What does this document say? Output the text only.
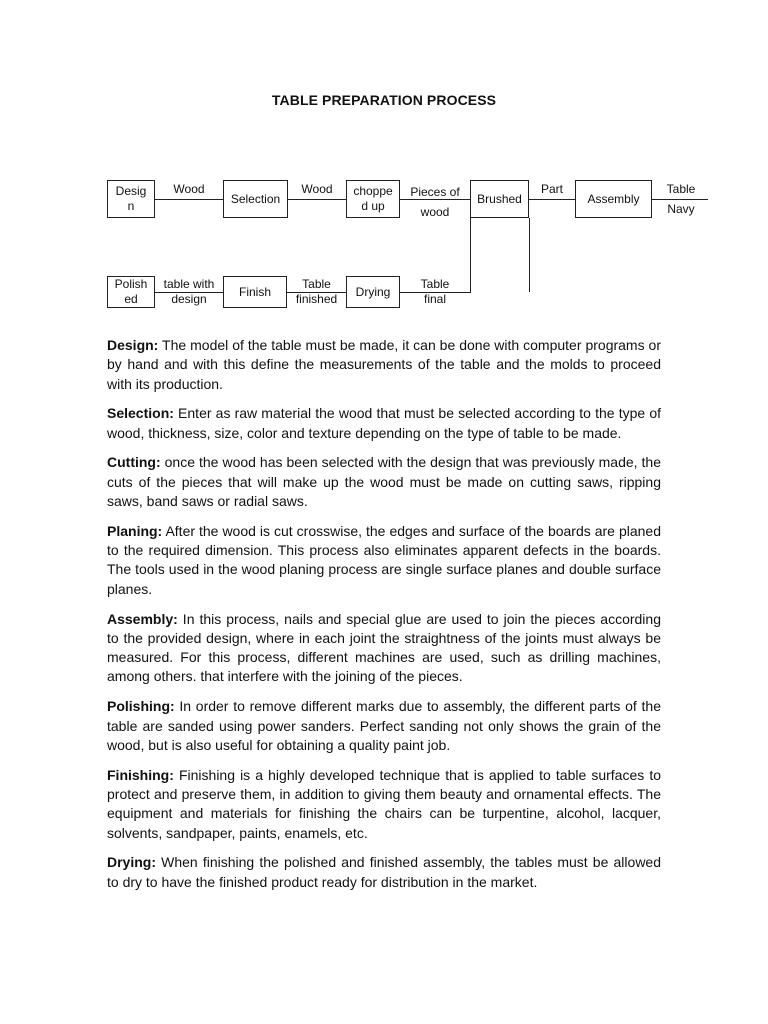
TABLE PREPARATION PROCESS
Desig
n
Selection
choppe
d up
Brushed	Assembly
Wood	Wood	Pieces of
wood
Part	Table
Navy
Polish
ed
Finish	Drying
table with
design
Table
finished
Table
final

Design: The model of the table must be made, it can be done with computer programs or by hand and with this define the measurements of the table and the molds to proceed with its production.

Selection: Enter as raw material the wood that must be selected according to the type of wood, thickness, size, color and texture depending on the type of table to be made.

Cutting: once the wood has been selected with the design that was previously made, the cuts of the pieces that will make up the wood must be made on cutting saws, ripping saws, band saws or radial saws.

Planing: After the wood is cut crosswise, the edges and surface of the boards are planed to the required dimension. This process also eliminates apparent defects in the boards. The tools used in the wood planing process are single surface planes and double surface planes.

Assembly: In this process, nails and special glue are used to join the pieces according to the provided design, where in each joint the straightness of the joints must always be measured. For this process, different machines are used, such as drilling machines, among others. that interfere with the joining of the pieces.

Polishing: In order to remove different marks due to assembly, the different parts of the table are sanded using power sanders. Perfect sanding not only shows the grain of the wood, but is also useful for obtaining a quality paint job.

Finishing: Finishing is a highly developed technique that is applied to table surfaces to protect and preserve them, in addition to giving them beauty and ornamental effects. The equipment and materials for finishing the chairs can be turpentine, alcohol, lacquer, solvents, sandpaper, paints, enamels, etc.

Drying: When finishing the polished and finished assembly, the tables must be allowed to dry to have the finished product ready for distribution in the market.
